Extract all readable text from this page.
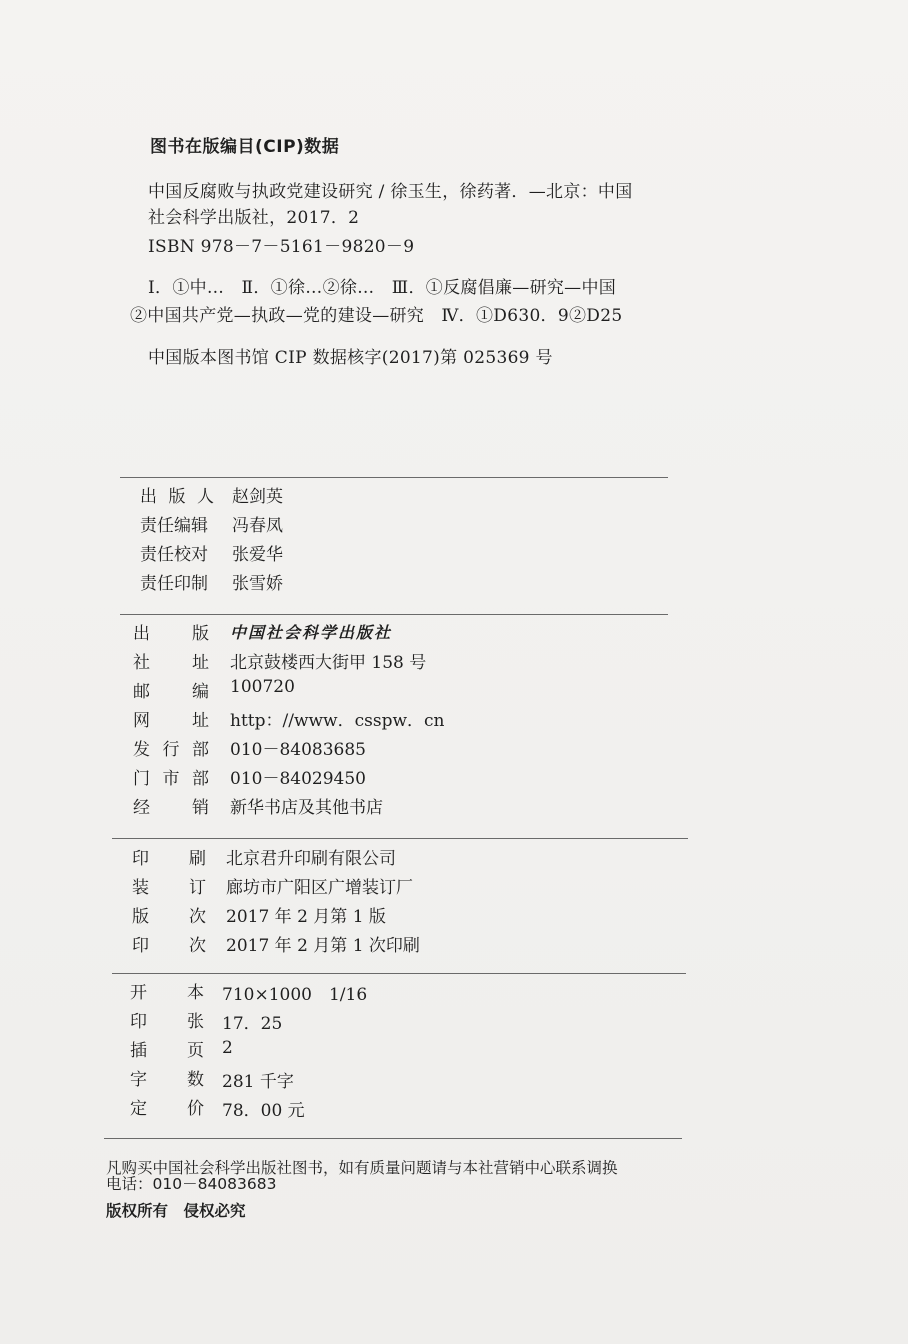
图书在版编目(CIP)数据
中国反腐败与执政党建设研究 / 徐玉生，徐药著．—北京：中国
社会科学出版社，2017．2
ISBN 978－7－5161－9820－9
Ⅰ．①中…　Ⅱ．①徐…②徐…　Ⅲ．①反腐倡廉—研究—中国
②中国共产党—执政—党的建设—研究　Ⅳ．①D630．9②D25
中国版本图书馆 CIP 数据核字(2017)第 025369 号
出 版 人 赵剑英
责任编辑 冯春凤
责任校对 张爱华
责任印制 张雪娇
出 版 中国社会科学出版社
社 址 北京鼓楼西大街甲 158 号
邮 编 100720
网 址 http：//www．csspw．cn
发 行 部 010－84083685
门 市 部 010－84029450
经 销 新华书店及其他书店
印 刷 北京君升印刷有限公司
装 订 廊坊市广阳区广增装订厂
版 次 2017 年 2 月第 1 版
印 次 2017 年 2 月第 1 次印刷
开 本 710×1000　1/16
印 张 17．25
插 页 2
字 数 281 千字
定 价 78．00 元
凡购买中国社会科学出版社图书，如有质量问题请与本社营销中心联系调换
电话：010－84083683
版权所有　侵权必究
